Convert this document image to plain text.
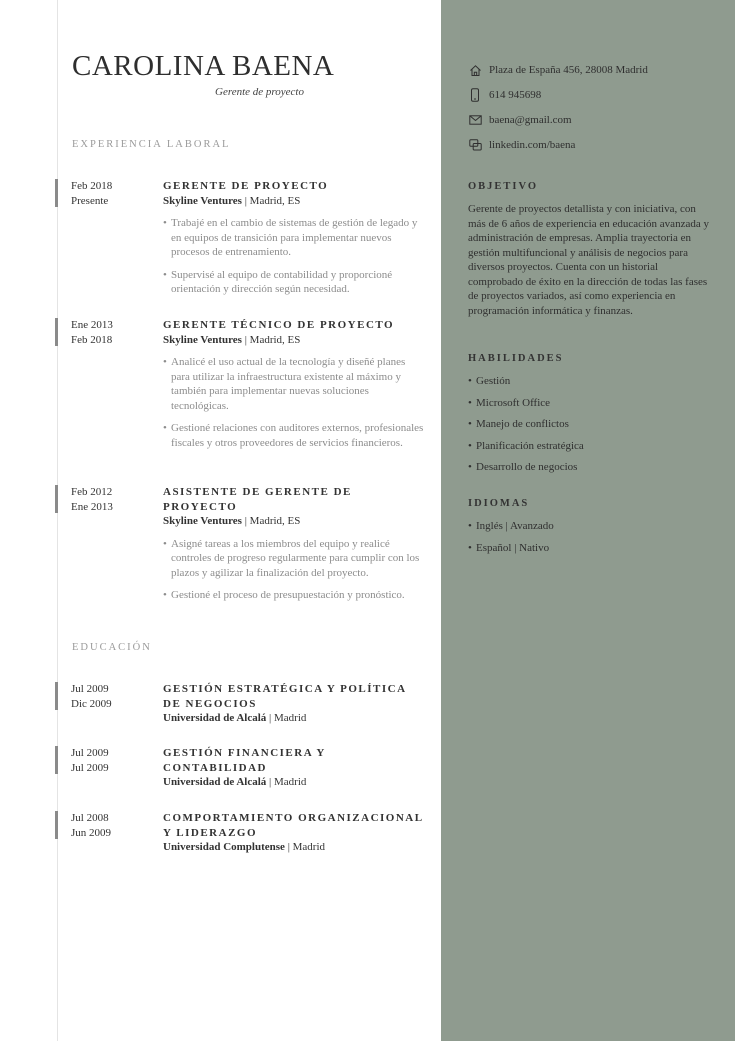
CAROLINA BAENA
Gerente de proyecto
EXPERIENCIA LABORAL
Feb 2018
Presente
GERENTE DE PROYECTO
Skyline Ventures | Madrid, ES
• Trabajé en el cambio de sistemas de gestión de legado y en equipos de transición para implementar nuevos procesos de entrenamiento.
• Supervisé al equipo de contabilidad y proporcioné orientación y dirección según necesidad.
Ene 2013
Feb 2018
GERENTE TÉCNICO DE PROYECTO
Skyline Ventures | Madrid, ES
• Analicé el uso actual de la tecnología y diseñé planes para utilizar la infraestructura existente al máximo y también para implementar nuevas soluciones tecnológicas.
• Gestioné relaciones con auditores externos, profesionales fiscales y otros proveedores de servicios financieros.
Feb 2012
Ene 2013
ASISTENTE DE GERENTE DE PROYECTO
Skyline Ventures | Madrid, ES
• Asigné tareas a los miembros del equipo y realicé controles de progreso regularmente para cumplir con los plazos y agilizar la finalización del proyecto.
• Gestioné el proceso de presupuestación y pronóstico.
EDUCACIÓN
Jul 2009
Dic 2009
GESTIÓN ESTRATÉGICA Y POLÍTICA DE NEGOCIOS
Universidad de Alcalá | Madrid
Jul 2009
Jul 2009
GESTIÓN FINANCIERA Y CONTABILIDAD
Universidad de Alcalá | Madrid
Jul 2008
Jun 2009
COMPORTAMIENTO ORGANIZACIONAL Y LIDERAZGO
Universidad Complutense | Madrid
Plaza de España 456, 28008 Madrid
614 945698
baena@gmail.com
linkedin.com/baena
OBJETIVO
Gerente de proyectos detallista y con iniciativa, con más de 6 años de experiencia en educación avanzada y administración de empresas. Amplia trayectoria en gestión multifuncional y análisis de negocios para diversos proyectos. Cuenta con un historial comprobado de éxito en la dirección de todas las fases de proyectos variados, así como experiencia en programación informática y finanzas.
HABILIDADES
• Gestión
• Microsoft Office
• Manejo de conflictos
• Planificación estratégica
• Desarrollo de negocios
IDIOMAS
• Inglés | Avanzado
• Español | Nativo
